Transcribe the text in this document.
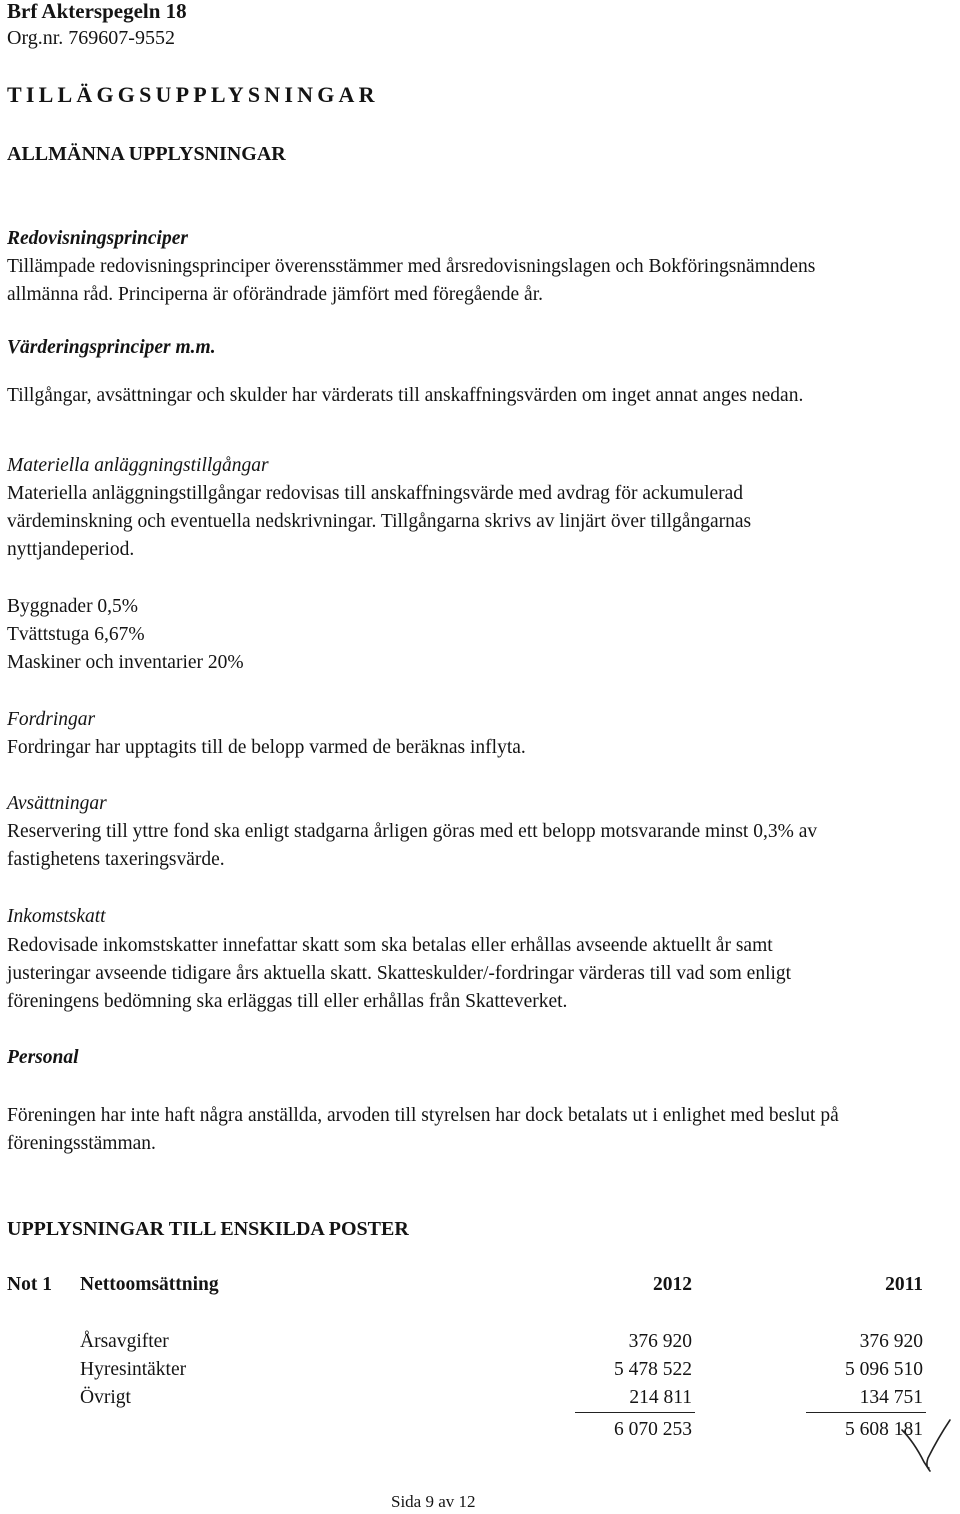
Brf Akterspegeln 18
Org.nr. 769607-9552
TILLÄGGSUPPLYSNINGAR
ALLMÄNNA UPPLYSNINGAR
Redovisningsprinciper
Tillämpade redovisningsprinciper överensstämmer med årsredovisningslagen och Bokföringsnämndens
allmänna råd. Principerna är oförändrade jämfört med föregående år.
Värderingsprinciper m.m.
Tillgångar, avsättningar och skulder har värderats till anskaffningsvärden om inget annat anges nedan.
Materiella anläggningstillgångar
Materiella anläggningstillgångar redovisas till anskaffningsvärde med avdrag för ackumulerad
värdeminskning och eventuella nedskrivningar. Tillgångarna skrivs av linjärt över tillgångarnas
nyttjandeperiod.
Byggnader 0,5%
Tvättstuga 6,67%
Maskiner och inventarier 20%
Fordringar
Fordringar har upptagits till de belopp varmed de beräknas inflyta.
Avsättningar
Reservering till yttre fond ska enligt stadgarna årligen göras med ett belopp motsvarande minst 0,3% av
fastighetens taxeringsvärde.
Inkomstskatt
Redovisade inkomstskatter innefattar skatt som ska betalas eller erhållas avseende aktuellt år samt
justeringar avseende tidigare års aktuella skatt. Skatteskulder/-fordringar värderas till vad som enligt
föreningens bedömning ska erläggas till eller erhållas från Skatteverket.
Personal
Föreningen har inte haft några anställda, arvoden till styrelsen har dock betalats ut i enlighet med beslut på
föreningsstämman.
UPPLYSNINGAR TILL ENSKILDA POSTER
Not 1 Nettoomsättning	2012	2011
Årsavgifter	376 920	376 920
Hyresintäkter	5 478 522	5 096 510
Övrigt	214 811	134 751
6 070 253	5 608 181
Sida 9 av 12
